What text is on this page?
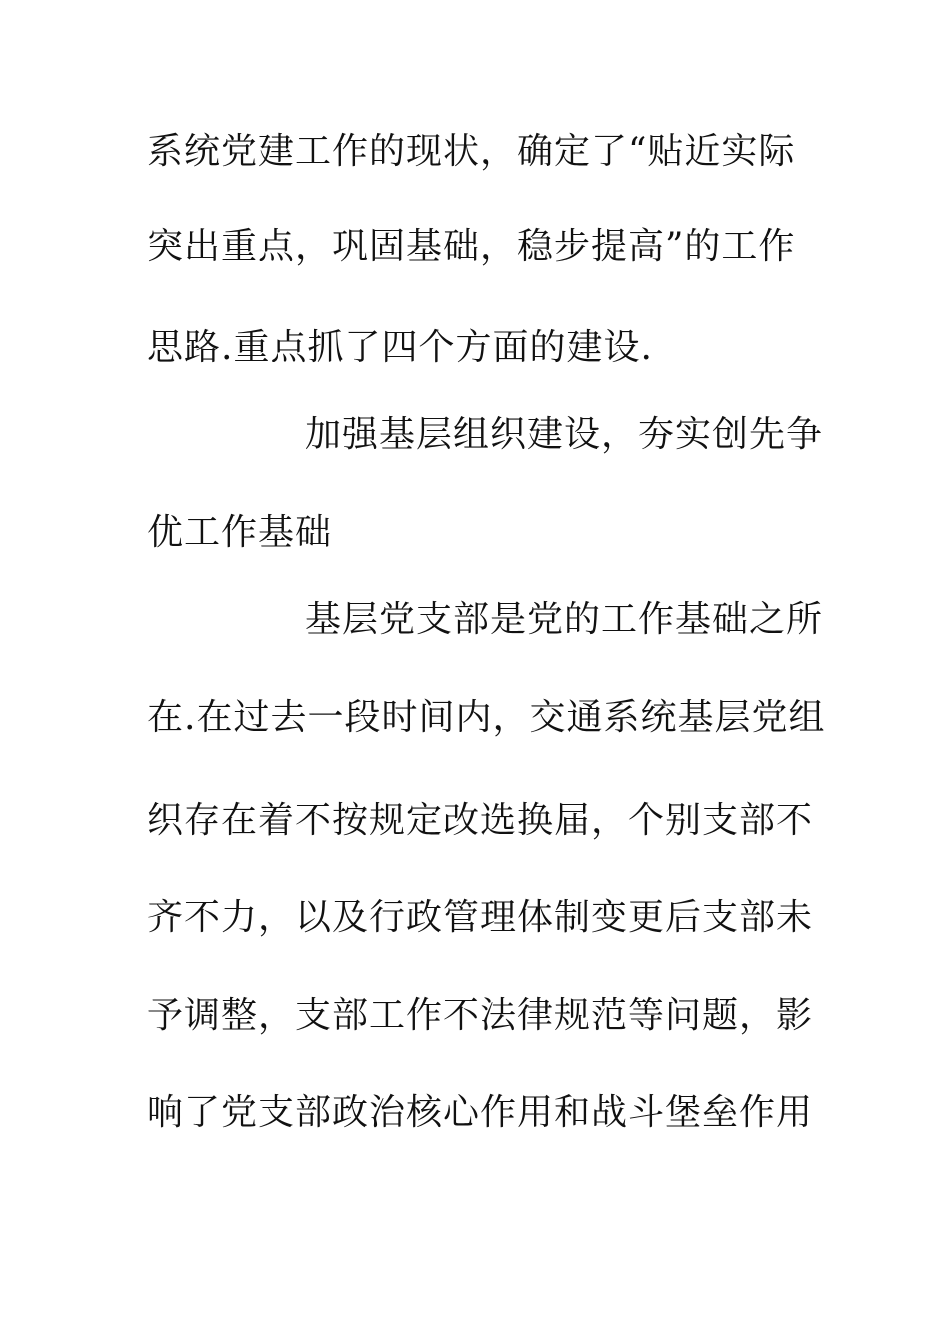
系统党建工作的现状，确定了“贴近实际
突出重点，巩固基础，稳步提高”的工作
思路.重点抓了四个方面的建设.
加强基层组织建设，夯实创先争
优工作基础
基层党支部是党的工作基础之所
在.在过去一段时间内，交通系统基层党组
织存在着不按规定改选换届，个别支部不
齐不力，以及行政管理体制变更后支部未
予调整，支部工作不法律规范等问题，影
响了党支部政治核心作用和战斗堡垒作用
